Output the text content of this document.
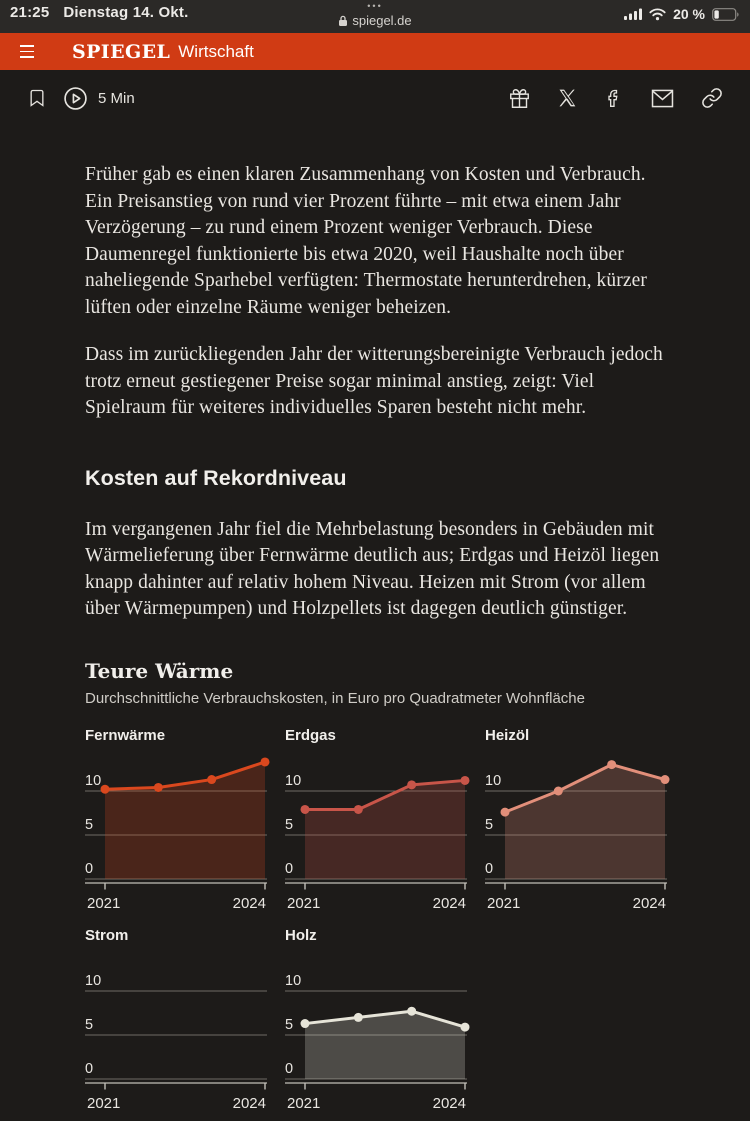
21:25 Dienstag 14. Okt.	•••
spiegel.de	20 %
SPIEGEL Wirtschaft
5 Min

Früher gab es einen klaren Zusammenhang von Kosten und Verbrauch. Ein Preisanstieg von rund vier Prozent führte – mit etwa einem Jahr Verzögerung – zu rund einem Prozent weniger Verbrauch. Diese Daumenregel funktionierte bis etwa 2020, weil Haushalte noch über naheliegende Sparhebel verfügten: Thermostate herunterdrehen, kürzer lüften oder einzelne Räume weniger beheizen.

Dass im zurückliegenden Jahr der witterungsbereinigte Verbrauch jedoch trotz erneut gestiegener Preise sogar minimal anstieg, zeigt: Viel Spielraum für weiteres individuelles Sparen besteht nicht mehr.

Kosten auf Rekordniveau

Im vergangenen Jahr fiel die Mehrbelastung besonders in Gebäuden mit Wärmelieferung über Fernwärme deutlich aus; Erdgas und Heizöl liegen knapp dahinter auf relativ hohem Niveau. Heizen mit Strom (vor allem über Wärmepumpen) und Holzpellets ist dagegen deutlich günstiger.

Teure Wärme
Durchschnittliche Verbrauchskosten, in Euro pro Quadratmeter Wohnfläche
Fernwärme
0
5
10
2021	2024
Erdgas
0
5
10
2021	2024
Heizöl
0
5
10
2021	2024
Strom
0
5
10
2021	2024
Holz
0
5
10
2021	2024
